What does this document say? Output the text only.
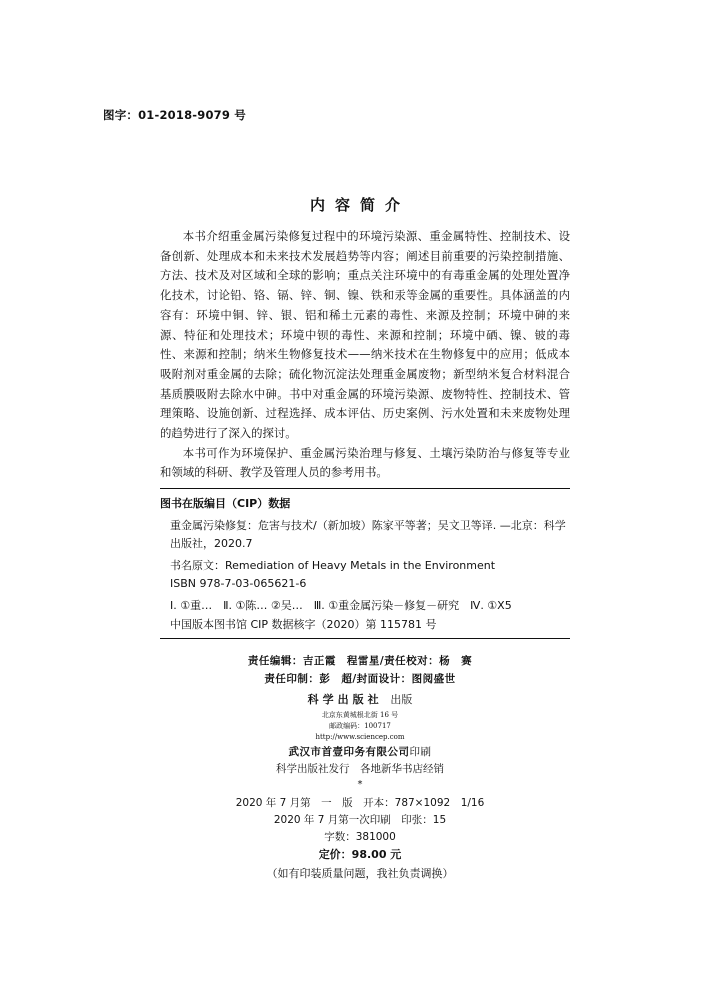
图字：01-2018-9079 号
内容简介

本书介绍重金属污染修复过程中的环境污染源、重金属特性、控制技术、设备创新、处理成本和未来技术发展趋势等内容；阐述目前重要的污染控制措施、方法、技术及对区域和全球的影响；重点关注环境中的有毒重金属的处理处置净化技术，讨论铅、铬、镉、锌、铜、镍、铁和汞等金属的重要性。具体涵盖的内容有：环境中铜、锌、银、铝和稀土元素的毒性、来源及控制；环境中砷的来源、特征和处理技术；环境中钡的毒性、来源和控制；环境中硒、镍、铍的毒性、来源和控制；纳米生物修复技术——纳米技术在生物修复中的应用；低成本吸附剂对重金属的去除；硫化物沉淀法处理重金属废物；新型纳米复合材料混合基质膜吸附去除水中砷。书中对重金属的环境污染源、废物特性、控制技术、管理策略、设施创新、过程选择、成本评估、历史案例、污水处置和未来废物处理的趋势进行了深入的探讨。

本书可作为环境保护、重金属污染治理与修复、土壤污染防治与修复等专业和领域的科研、教学及管理人员的参考用书。

图书在版编目（CIP）数据
重金属污染修复：危害与技术/（新加坡）陈家平等著；吴文卫等译. —北京：科学出版社，2020.7
书名原文：Remediation of Heavy Metals in the Environment
ISBN 978-7-03-065621-6
Ⅰ. ①重…　Ⅱ. ①陈… ②吴…　Ⅲ. ①重金属污染－修复－研究　Ⅳ. ①X5
中国版本图书馆 CIP 数据核字（2020）第 115781 号
责任编辑：吉正霞　程雷星/责任校对：杨　赛
责任印制：彭　超/封面设计：图阅盛世
科学出版社 出版
北京东黄城根北街 16 号
邮政编码：100717
http://www.sciencep.com
武汉市首壹印务有限公司印刷
科学出版社发行　各地新华书店经销
*
2020 年 7 月第　一　版　开本：787×1092　1/16
2020 年 7 月第一次印刷　印张：15
字数：381000
定价：98.00 元
（如有印装质量问题，我社负责调换）
